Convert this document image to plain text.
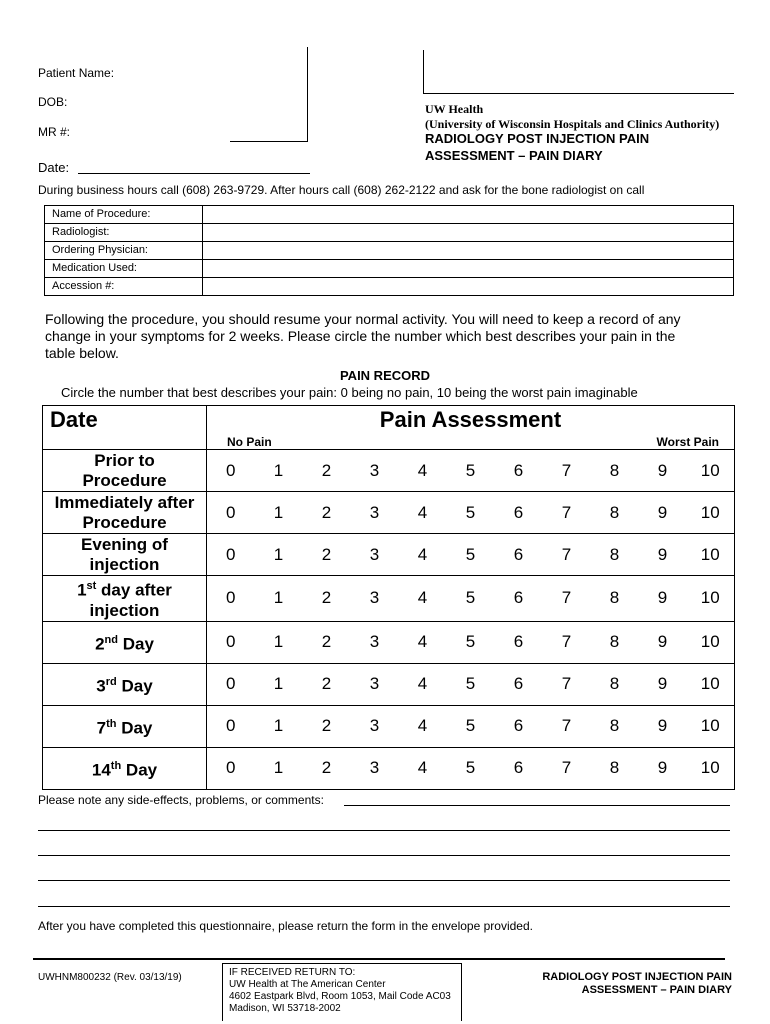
Patient Name:
DOB:
MR #:
UW Health
(University of Wisconsin Hospitals and Clinics Authority)
RADIOLOGY POST INJECTION PAIN
ASSESSMENT – PAIN DIARY
Date:
During business hours call (608) 263-9729. After hours call (608) 262-2122 and ask for the bone radiologist on call
Name of Procedure:	
Radiologist:	
Ordering Physician:	
Medication Used:	
Accession #:	
Following the procedure, you should resume your normal activity. You will need to keep a record of any change in your symptoms for 2 weeks. Please circle the number which best describes your pain in the table below.
PAIN RECORD
Circle the number that best describes your pain: 0 being no pain, 10 being the worst pain imaginable
Date	Pain Assessment										

	No Pain Worst Pain										

Prior to
Procedure	0	1	2	3	4	5	6	7	8	9	10

Immediately after
Procedure	0	1	2	3	4	5	6	7	8	9	10

Evening of
injection	0	1	2	3	4	5	6	7	8	9	10

1st day after
injection	0	1	2	3	4	5	6	7	8	9	10

2nd Day	0	1	2	3	4	5	6	7	8	9	10

3rd Day	0	1	2	3	4	5	6	7	8	9	10

7th Day	0	1	2	3	4	5	6	7	8	9	10

14th Day	0	1	2	3	4	5	6	7	8	9	10
Please note any side-effects, problems, or comments:
After you have completed this questionnaire, please return the form in the envelope provided.
UWHNM800232 (Rev. 03/13/19)	IF RECEIVED RETURN TO:
UW Health at The American Center
4602 Eastpark Blvd, Room 1053, Mail Code AC03
Madison, WI 53718-2002
RADIOLOGY POST INJECTION PAIN
ASSESSMENT – PAIN DIARY
